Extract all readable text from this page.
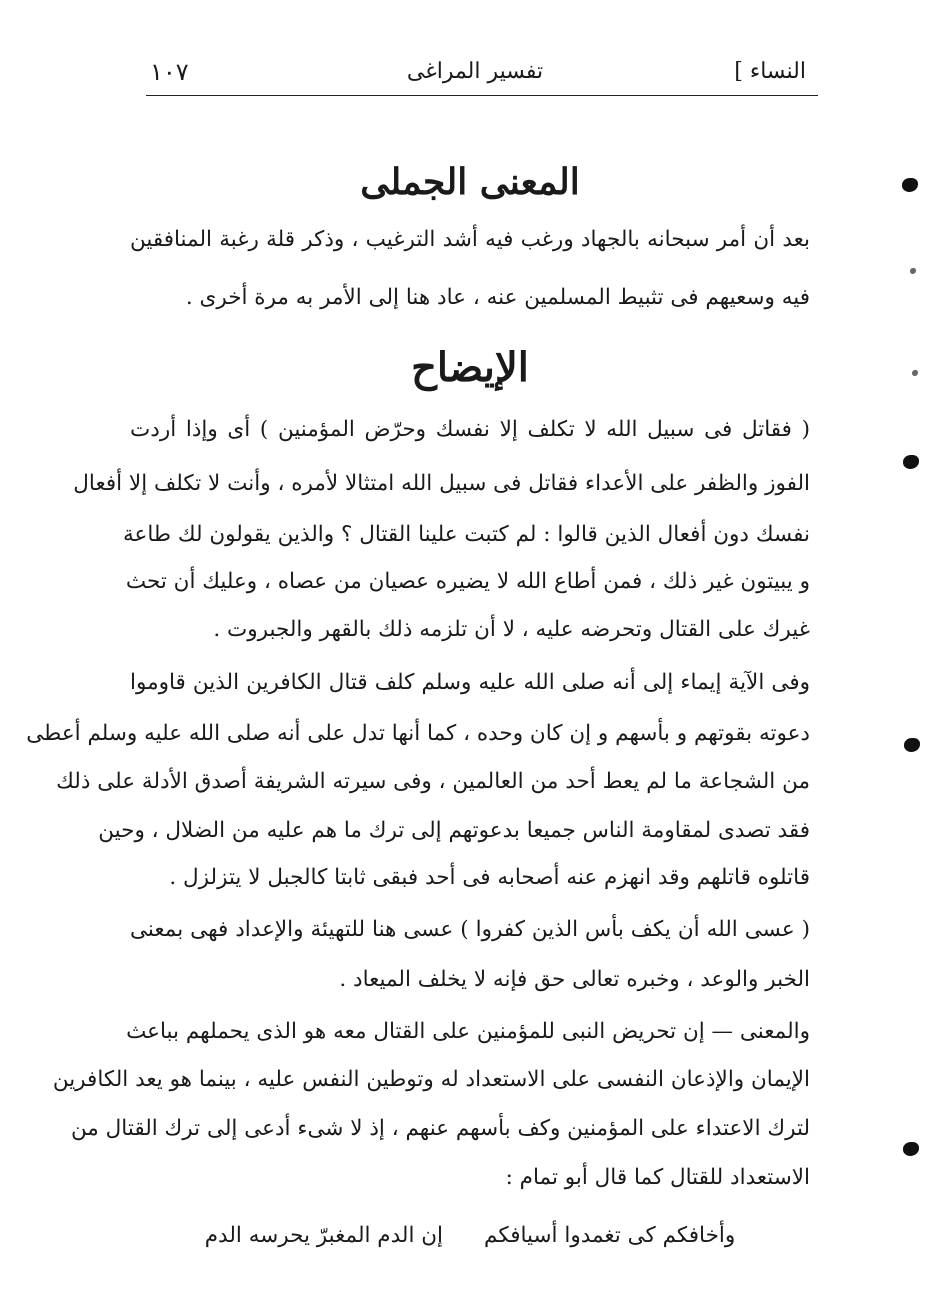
النساء ]
تفسير المراغى
١٠٧
المعنى الجملى
بعد أن أمر سبحانه بالجهاد ورغب فيه أشد الترغيب ، وذكر قلة رغبة المنافقين
فيه وسعيهم فى تثبيط المسلمين عنه ، عاد هنا إلى الأمر به مرة أخرى .
الإيضاح
( فقاتل فى سبيل الله لا تكلف إلا نفسك وحرّض المؤمنين ) أى وإذا أردت
الفوز والظفر على الأعداء فقاتل فى سبيل الله امتثالا لأمره ، وأنت لا تكلف إلا أفعال
نفسك دون أفعال الذين قالوا : لم كتبت علينا القتال ؟ والذين يقولون لك طاعة
و يبيتون غير ذلك ، فمن أطاع الله لا يضيره عصيان من عصاه ، وعليك أن تحث
غيرك على القتال وتحرضه عليه ، لا أن تلزمه ذلك بالقهر والجبروت .
وفى الآية إيماء إلى أنه صلى الله عليه وسلم كلف قتال الكافرين الذين قاوموا
دعوته بقوتهم و بأسهم و إن كان وحده ، كما أنها تدل على أنه صلى الله عليه وسلم أعطى
من الشجاعة ما لم يعط أحد من العالمين ، وفى سيرته الشريفة أصدق الأدلة على ذلك
فقد تصدى لمقاومة الناس جميعا بدعوتهم إلى ترك ما هم عليه من الضلال ، وحين
قاتلوه قاتلهم وقد انهزم عنه أصحابه فى أحد فبقى ثابتا كالجبل لا يتزلزل .
( عسى الله أن يكف بأس الذين كفروا ) عسى هنا للتهيئة والإعداد فهى بمعنى
الخبر والوعد ، وخبره تعالى حق فإنه لا يخلف الميعاد .
والمعنى — إن تحريض النبى للمؤمنين على القتال معه هو الذى يحملهم بباعث
الإيمان والإذعان النفسى على الاستعداد له وتوطين النفس عليه ، بينما هو يعد الكافرين
لترك الاعتداء على المؤمنين وكف بأسهم عنهم ، إذ لا شىء أدعى إلى ترك القتال من
الاستعداد للقتال كما قال أبو تمام :
وأخافكم كى تغمدوا أسيافكم      إن الدم المغبرّ يحرسه الدم
